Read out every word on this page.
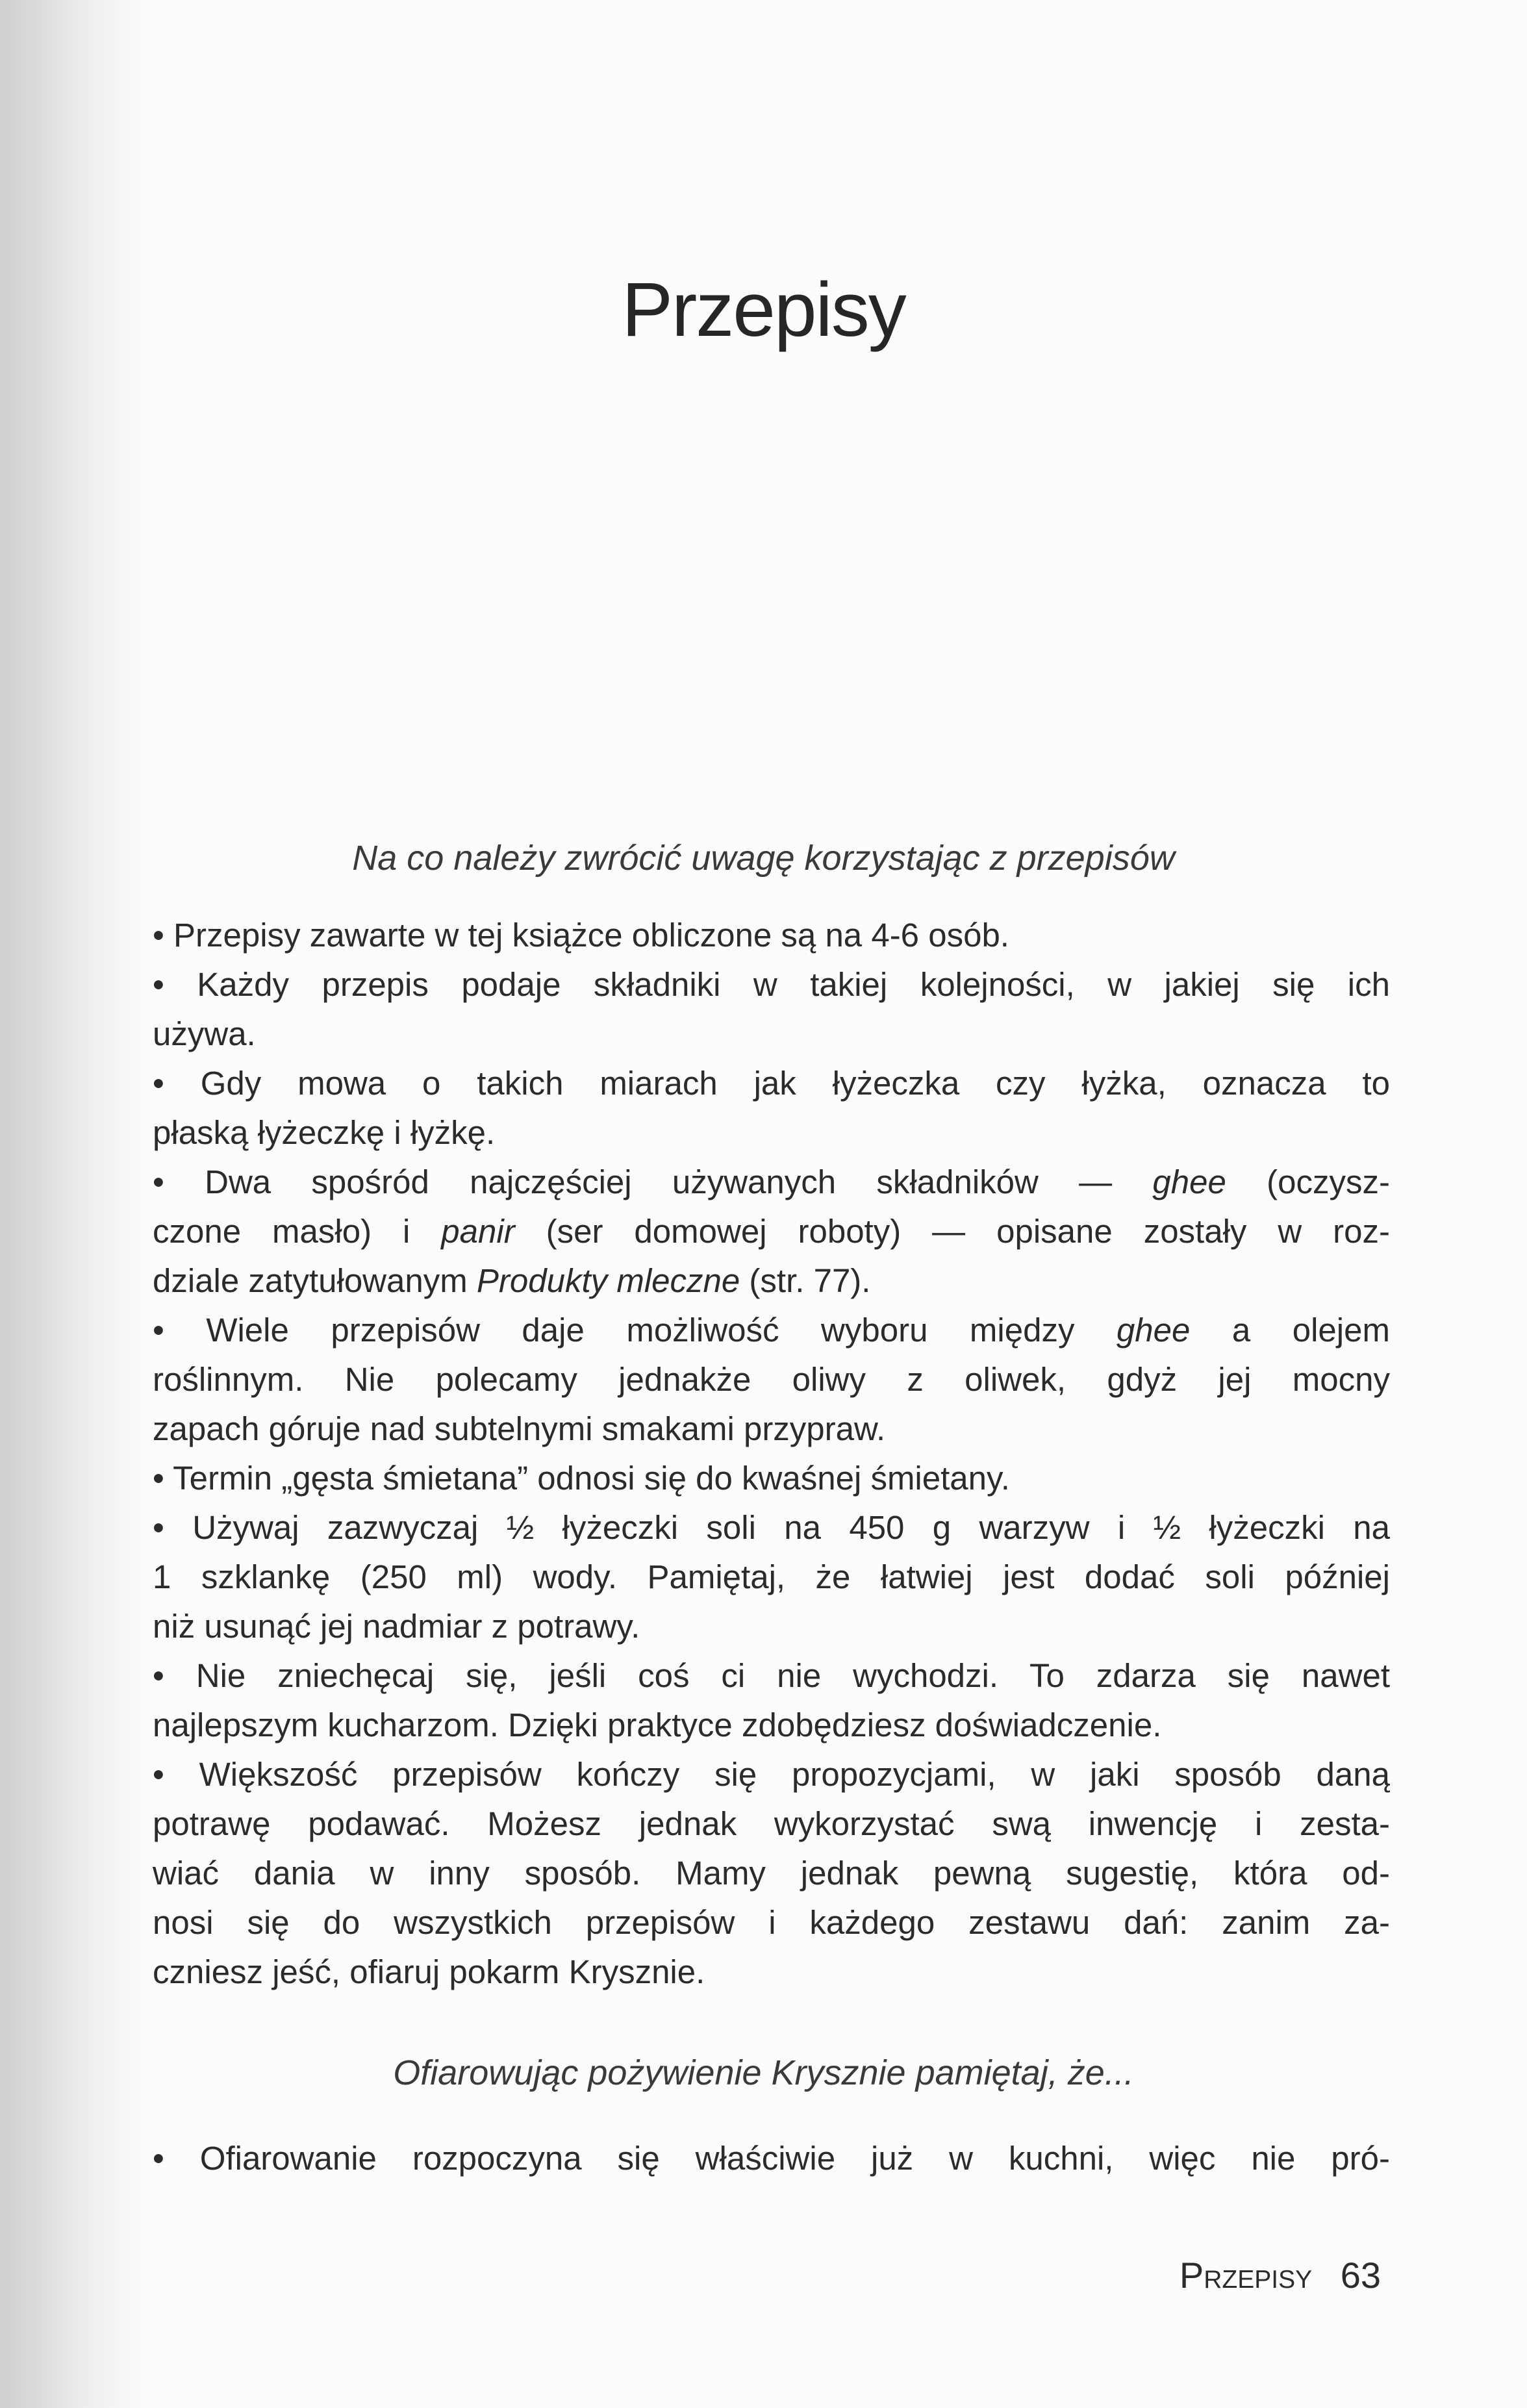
Przepisy
Na co należy zwrócić uwagę korzystając z przepisów
• Przepisy zawarte w tej książce obliczone są na 4-6 osób.
• Każdy przepis podaje składniki w takiej kolejności, w jakiej się ich
używa.
• Gdy mowa o takich miarach jak łyżeczka czy łyżka, oznacza to
płaską łyżeczkę i łyżkę.
• Dwa spośród najczęściej używanych składników — ghee (oczysz-
czone masło) i panir (ser domowej roboty) — opisane zostały w roz-
dziale zatytułowanym Produkty mleczne (str. 77).
• Wiele przepisów daje możliwość wyboru między ghee a olejem
roślinnym. Nie polecamy jednakże oliwy z oliwek, gdyż jej mocny
zapach góruje nad subtelnymi smakami przypraw.
• Termin „gęsta śmietana” odnosi się do kwaśnej śmietany.
• Używaj zazwyczaj ½ łyżeczki soli na 450 g warzyw i ½ łyżeczki na
1 szklankę (250 ml) wody. Pamiętaj, że łatwiej jest dodać soli później
niż usunąć jej nadmiar z potrawy.
• Nie zniechęcaj się, jeśli coś ci nie wychodzi. To zdarza się nawet
najlepszym kucharzom. Dzięki praktyce zdobędziesz doświadczenie.
• Większość przepisów kończy się propozycjami, w jaki sposób daną
potrawę podawać. Możesz jednak wykorzystać swą inwencję i zesta-
wiać dania w inny sposób. Mamy jednak pewną sugestię, która od-
nosi się do wszystkich przepisów i każdego zestawu dań: zanim za-
czniesz jeść, ofiaruj pokarm Krysznie.
Ofiarowując pożywienie Krysznie pamiętaj, że...
• Ofiarowanie rozpoczyna się właściwie już w kuchni, więc nie pró-
Przepisy 63
